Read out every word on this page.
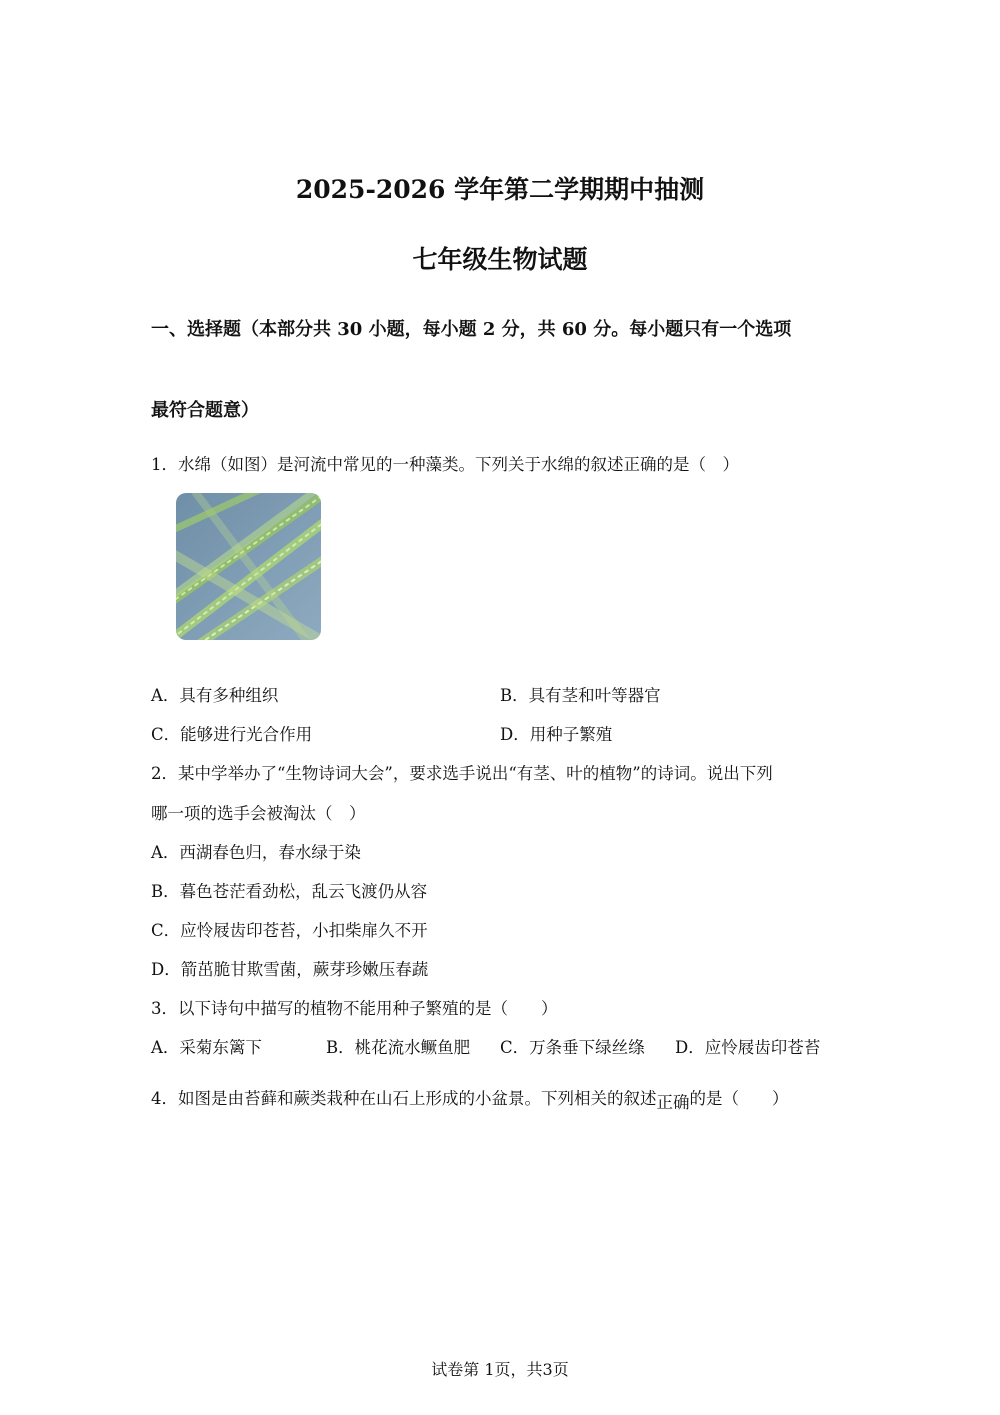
2025-2026 学年第二学期期中抽测
七年级生物试题
一、选择题（本部分共 30 小题，每小题 2 分，共 60 分。每小题只有一个选项
最符合题意）
1．水绵（如图）是河流中常见的一种藻类。下列关于水绵的叙述正确的是（　）
A．具有多种组织	B．具有茎和叶等器官
C．能够进行光合作用	D．用种子繁殖
2．某中学举办了“生物诗词大会”，要求选手说出“有茎、叶的植物”的诗词。说出下列
哪一项的选手会被淘汰（　）
A．西湖春色归，春水绿于染
B．暮色苍茫看劲松，乱云飞渡仍从容
C．应怜屐齿印苍苔，小扣柴扉久不开
D．箭茁脆甘欺雪菌，蕨芽珍嫩压春蔬
3．以下诗句中描写的植物不能用种子繁殖的是（　　）
A．采菊东篱下	B．桃花流水鳜鱼肥 C．万条垂下绿丝绦 D．应怜屐齿印苍苔
4．如图是由苔藓和蕨类栽种在山石上形成的小盆景。下列相关的叙述正确的是（　　）
试卷第 1页，共3页
